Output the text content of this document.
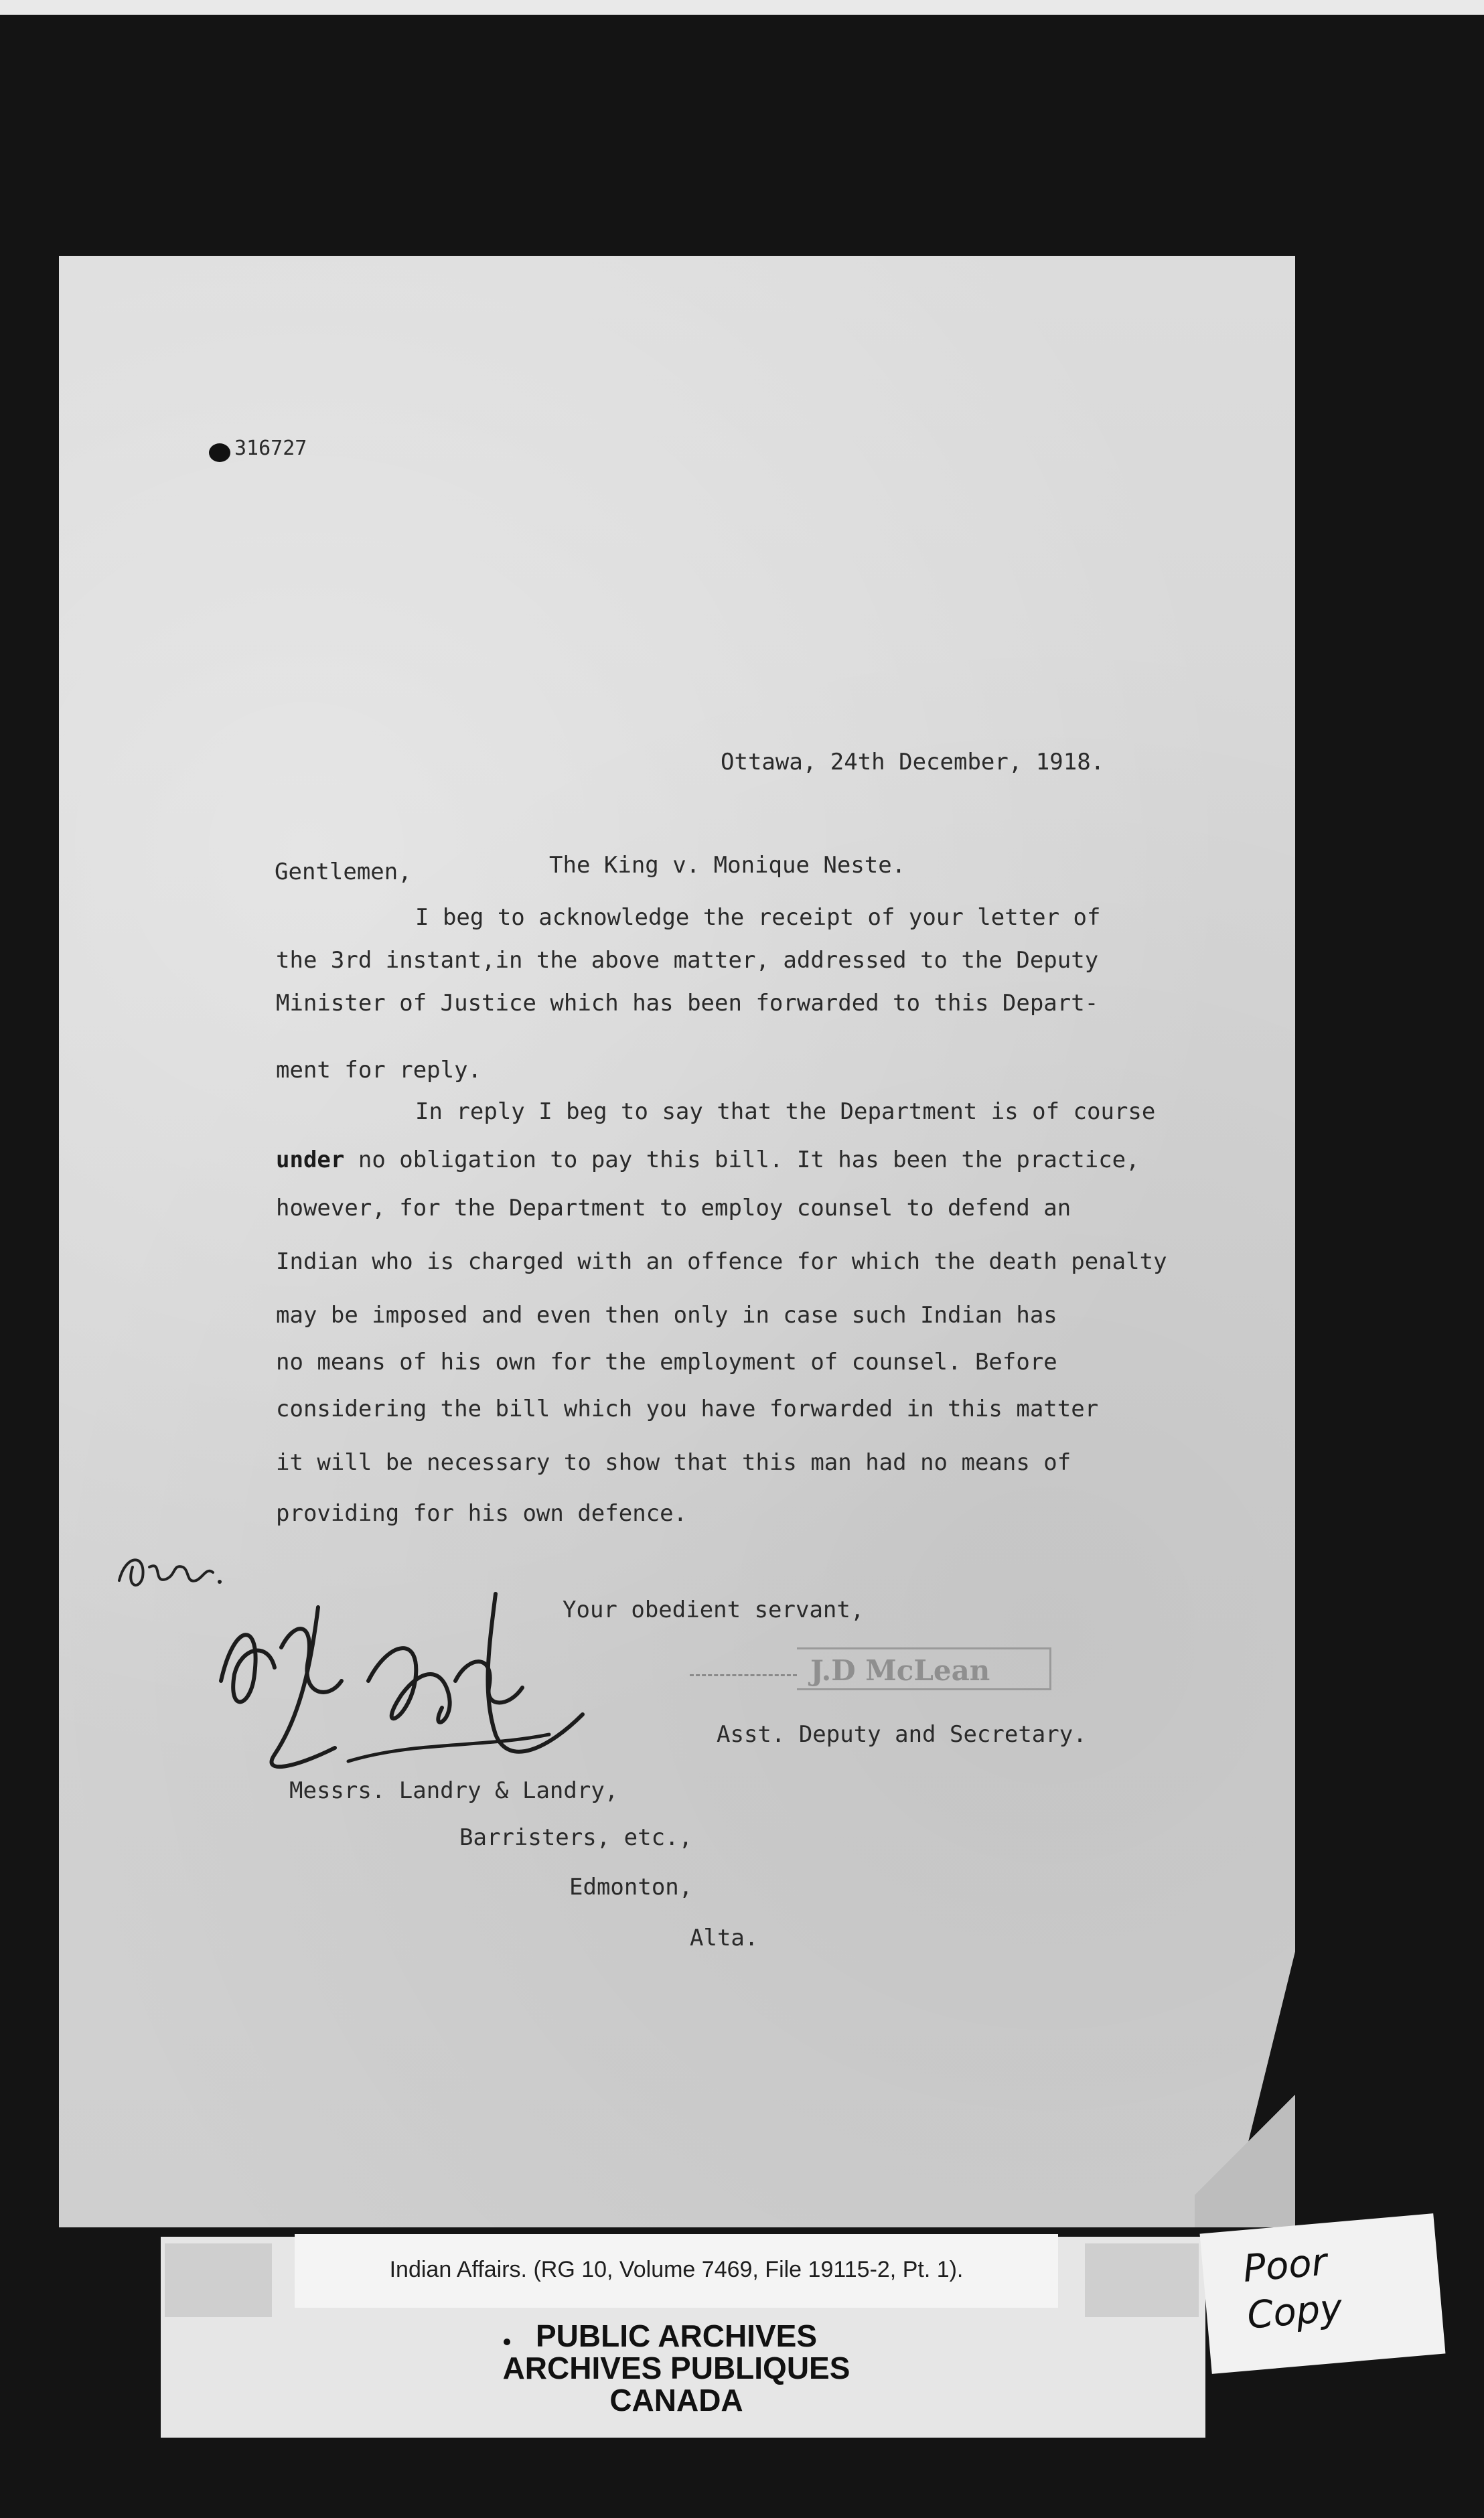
316727
Ottawa, 24th December, 1918.
Gentlemen,	The King v. Monique Neste.
I beg to acknowledge the receipt of your letter of
the 3rd instant,in the above matter, addressed to the Deputy
Minister of Justice which has been forwarded to this Depart-
ment for reply.
In reply I beg to say that the Department is of course
under no obligation to pay this bill. It has been the practice,
however, for the Department to employ counsel to defend an
Indian who is charged with an offence for which the death penalty
may be imposed and even then only in case such Indian has
no means of his own for the employment of counsel. Before
considering the bill which you have forwarded in this matter
it will be necessary to show that this man had no means of
providing for his own defence.
Your obedient servant,
J.D McLean
Asst. Deputy and Secretary.
Messrs. Landry & Landry,
Barristers, etc.,
Edmonton,
Alta.
Indian Affairs. (RG 10, Volume 7469, File 19115-2, Pt. 1).
PUBLIC ARCHIVES
ARCHIVES PUBLIQUES
CANADA
Poor
Copy
